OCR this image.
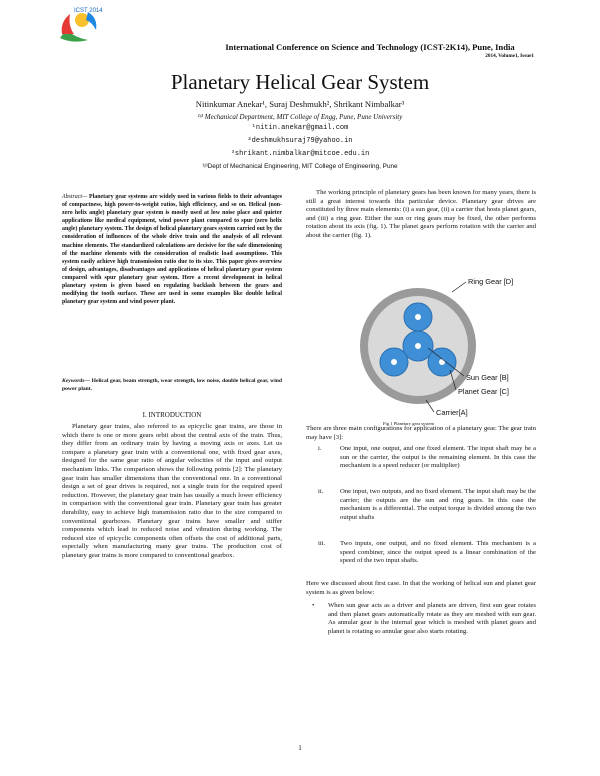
ICST 2014
International Conference on Science and Technology (ICST-2K14), Pune, India
2014, Volume1, Issue1
Planetary Helical Gear System
Nitinkumar Anekar¹, Suraj Deshmukh², Shrikant Nimbalkar³
¹ʲ³ Mechanical Department, MIT College of Engg, Pune, Pune University
¹nitin.anekar@gmail.com
²deshmukhsuraj79@yahoo.in
³shrikant.nimbalkar@mitcoe.edu.in
¹ʲ³Dept of Mechanical Engineering, MIT College of Engineering, Pune
Abstract— Planetary gear systems are widely used in various fields to their advantages of compactness, high power-to-weight ratios, high efficiency, and so on. Helical (non-zero helix angle) planetary gear system is mostly used at low noise place and quieter applications like medical equipment, wind power plant compared to spur (zero helix angle) planetary system. The design of helical planetary gears system carried out by the consideration of influences of the whole drive train and the analysis of all relevant machine elements. The standardized calculations are decisive for the safe dimensioning of the machine elements with the consideration of realistic load assumptions. This system easily achieve high transmission ratio due to its size. This paper gives overview of design, advantages, disadvantages and applications of helical planetary gear system compared with spur planetary gear system. Here a recent development in helical planetary system is given based on regulating backlash between the gears and modifying the tooth surface. These are used in some examples like double helical planetary gear system and wind power plant.
Keywords— Helical gear, beam strength, wear strength, low noise, double helical gear, wind power plant.
I. INTRODUCTION

Planetary gear trains, also referred to as epicyclic gear trains, are those in which there is one or more gears orbit about the central axis of the train. Thus, they differ from an ordinary train by having a moving axis or axes. Let us compare a planetary gear train with a conventional one, with fixed gear axes, designed for the same gear ratio of angular velocities of the input and output mechanism links. The comparison shows the following points [2]: The planetary gear train has smaller dimensions than the conventional one. In a conventional design a set of gear drives is required, not a single train for the required speed reduction. However, the planetary gear train has usually a much lower efficiency in comparison with the conventional gear train. Planetary gear train has greater durability, easy to achieve high transmission ratio due to the size compared to conventional gearboxes. Planetary gear trains have smaller and stiffer components which lead to reduced noise and vibration during working. The reduced size of epicyclic components often offsets the cost of additional parts, especially when manufacturing many gear trains. The production cost of planetary gear trains is more compared to conventional gearbox.

The working principle of planetary gears has been known for many years, there is still a great interest towards this particular device. Planetary gear drives are constituted by three main elements: (i) a sun gear, (ii) a carrier that hosts planet gears, and (iii) a ring gear. Either the sun or ring gears may be fixed, the other performs rotation about its axis (fig. 1). The planet gears perform rotation with the carrier and about the carrier (fig. 1).

Ring Gear [D]
Sun Gear [B]
Planet Gear [C]
Carrier[A]
Fig 1 Planetary gear system

There are three main configurations for application of a planetary gear. The gear train may have [3]:

i.	One input, one output, and one fixed element. The input shaft may be a sun or the carrier, the output is the remaining element. In this case the mechanism is a speed reducer (or multiplier)
ii. One input, two outputs, and no fixed element. The input shaft may be the carrier; the outputs are the sun and ring gears. In this case the mechanism is a differential. The output torque is divided among the two output shafts
iii. Two inputs, one output, and no fixed element. This mechanism is a speed combiner, since the output speed is a linear combination of the speed of the two input shafts.
Here we discussed about first case. In that the working of helical sun and planet gear system is as given below:
• When sun gear acts as a driver and planets are driven, first sun gear rotates and then planet gears automatically rotate as they are meshed with sun gear. As annular gear is the internal gear which is meshed with planet gears and planet is rotating so annular gear also starts rotating.
1
